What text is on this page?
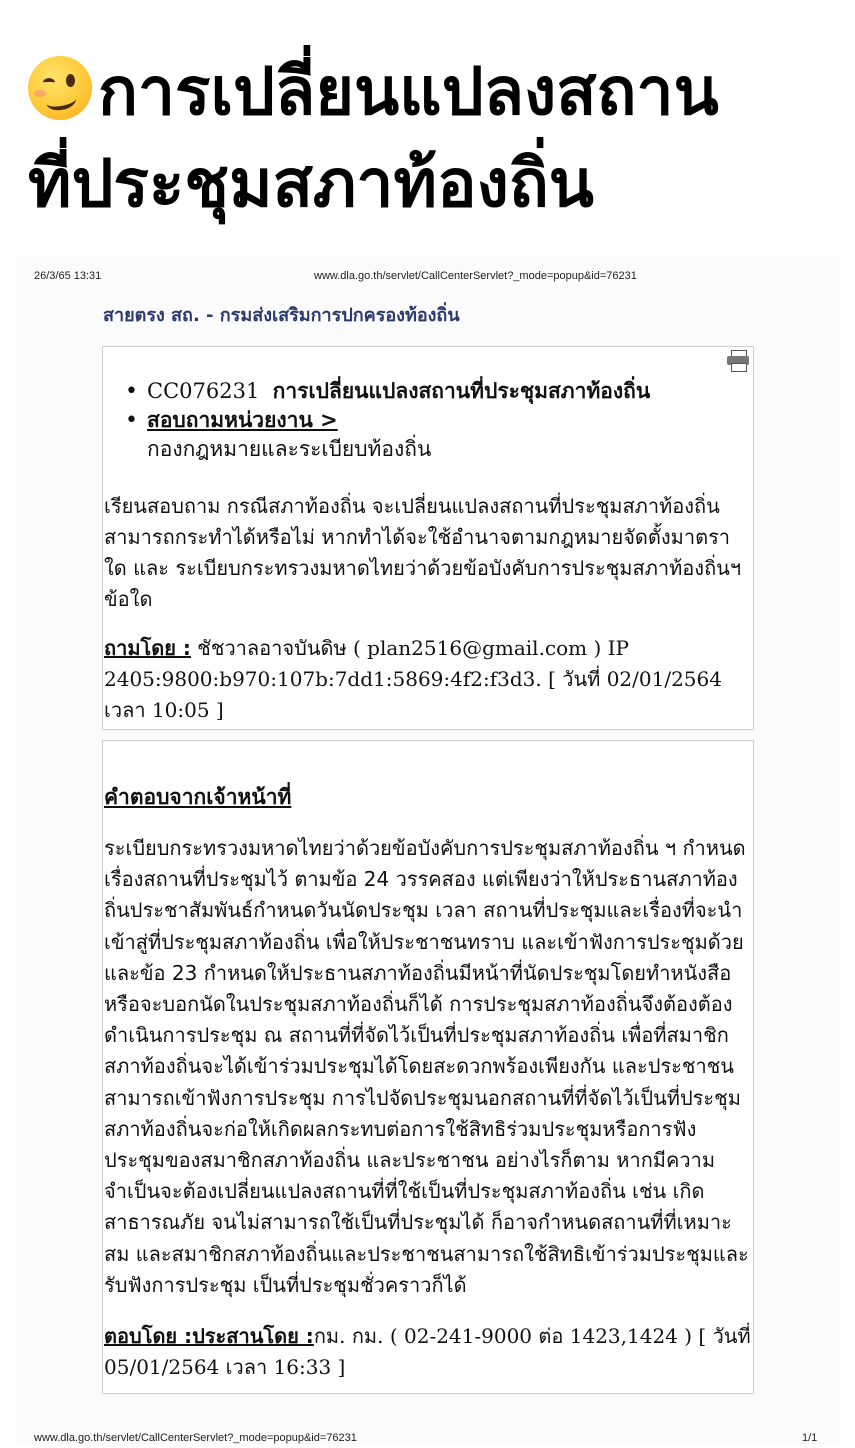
การเปลี่ยนแปลงสถาน
ที่ประชุมสภาท้องถิ่น
26/3/65 13:31	www.dla.go.th/servlet/CallCenterServlet?_mode=popup&id=76231
สายตรง สถ. - กรมส่งเสริมการปกครองท้องถิ่น
• CC076231 การเปลี่ยนแปลงสถานที่ประชุมสภาท้องถิ่น
• สอบถามหน่วยงาน >
กองกฎหมายและระเบียบท้องถิ่น

เรียนสอบถาม กรณีสภาท้องถิ่น จะเปลี่ยนแปลงสถานที่ประชุมสภาท้องถิ่น สามารถกระทำได้หรือไม่ หากทำได้จะใช้อำนาจตามกฎหมายจัดตั้งมาตราใด และ ระเบียบกระทรวงมหาดไทยว่าด้วยข้อบังคับการประชุมสภาท้องถิ่นฯ ข้อใด

ถามโดย : ชัชวาลอาจบันดิษ ( plan2516@gmail.com ) IP 2405:9800:b970:107b:7dd1:5869:4f2:f3d3. [ วันที่ 02/01/2564 เวลา 10:05 ]

คำตอบจากเจ้าหน้าที่

ระเบียบกระทรวงมหาดไทยว่าด้วยข้อบังคับการประชุมสภาท้องถิ่น ฯ กำหนดเรื่องสถานที่ประชุมไว้ ตามข้อ 24 วรรคสอง แต่เพียงว่าให้ประธานสภาท้องถิ่นประชาสัมพันธ์กำหนดวันนัดประชุม เวลา สถานที่ประชุมและเรื่องที่จะนำเข้าสู่ที่ประชุมสภาท้องถิ่น เพื่อให้ประชาชนทราบ และเข้าฟังการประชุมด้วย และข้อ 23 กำหนดให้ประธานสภาท้องถิ่นมีหน้าที่นัดประชุมโดยทำหนังสือหรือจะบอกนัดในประชุมสภาท้องถิ่นก็ได้ การประชุมสภาท้องถิ่นจึงต้องต้องดำเนินการประชุม ณ สถานที่ที่จัดไว้เป็นที่ประชุมสภาท้องถิ่น เพื่อที่สมาชิกสภาท้องถิ่นจะได้เข้าร่วมประชุมได้โดยสะดวกพร้องเพียงกัน และประชาชนสามารถเข้าฟังการประชุม การไปจัดประชุมนอกสถานที่ที่จัดไว้เป็นที่ประชุมสภาท้องถิ่นจะก่อให้เกิดผลกระทบต่อการใช้สิทธิร่วมประชุมหรือการฟังประชุมของสมาชิกสภาท้องถิ่น และประชาชน อย่างไรก็ตาม หากมีความจำเป็นจะต้องเปลี่ยนแปลงสถานที่ที่ใช้เป็นที่ประชุมสภาท้องถิ่น เช่น เกิดสาธารณภัย จนไม่สามารถใช้เป็นที่ประชุมได้ ก็อาจกำหนดสถานที่ที่เหมาะสม และสมาชิกสภาท้องถิ่นและประชาชนสามารถใช้สิทธิเข้าร่วมประชุมและรับฟังการประชุม เป็นที่ประชุมชั่วคราวก็ได้

ตอบโดย :ประสานโดย :กม. กม. ( 02-241-9000 ต่อ 1423,1424 ) [ วันที่ 05/01/2564 เวลา 16:33 ]

www.dla.go.th/servlet/CallCenterServlet?_mode=popup&id=76231	1/1
